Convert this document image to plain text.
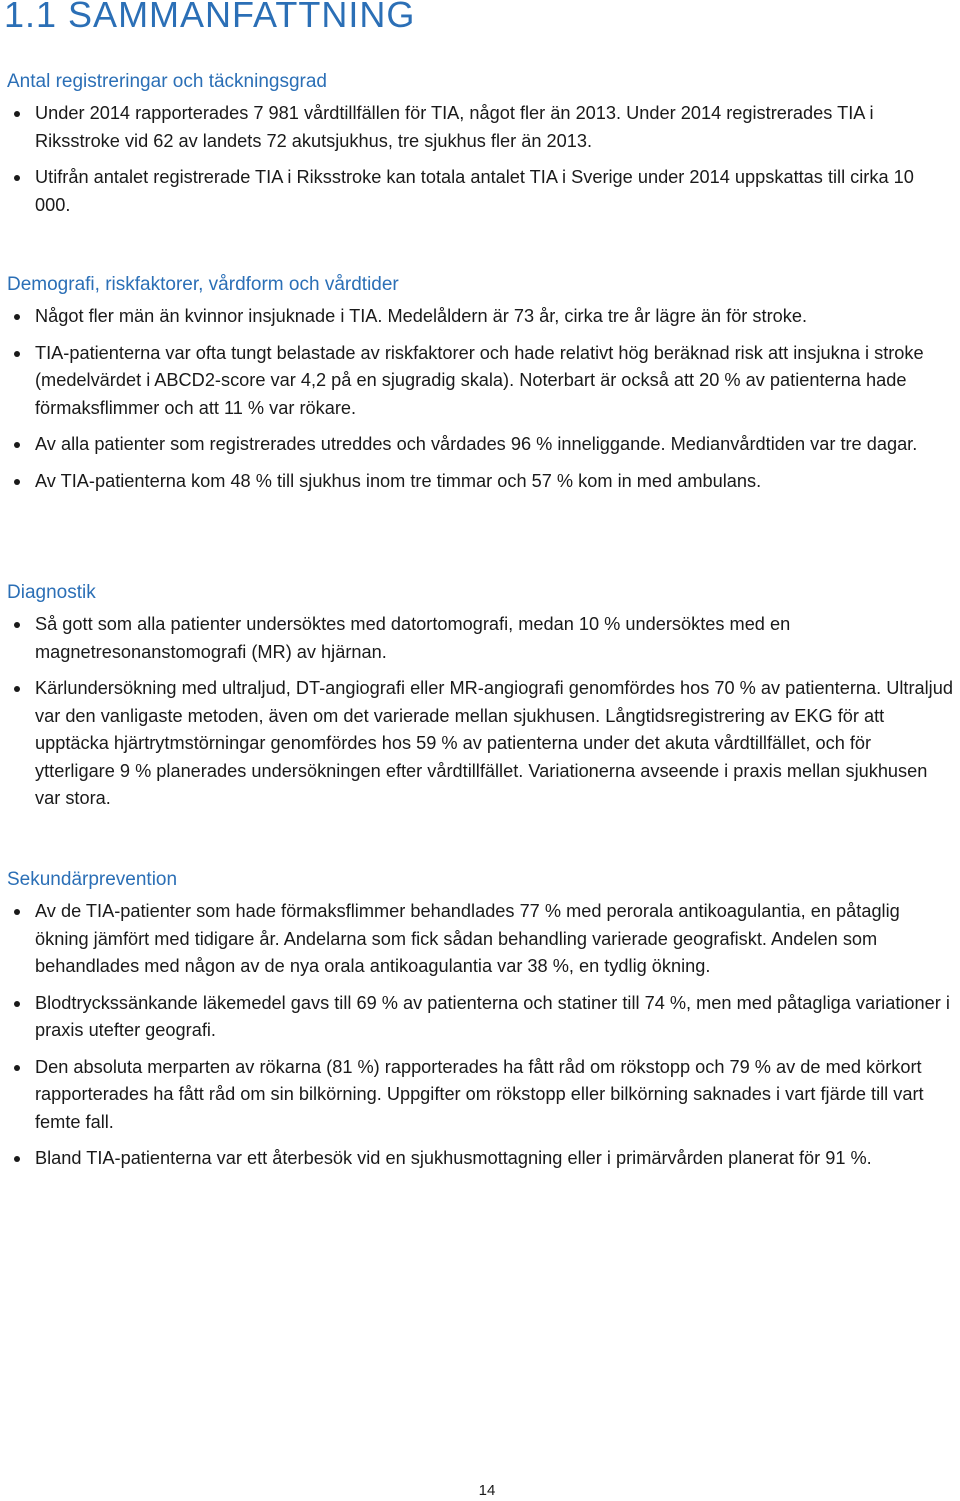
1.1 SAMMANFATTNING
Antal registreringar och täckningsgrad
Under 2014 rapporterades 7 981 vårdtillfällen för TIA, något fler än 2013. Under 2014 registrerades TIA i Riksstroke vid 62 av landets 72 akutsjukhus, tre sjukhus fler än 2013.
Utifrån antalet registrerade TIA i Riksstroke kan totala antalet TIA i Sverige under 2014 uppskattas till cirka 10 000.
Demografi, riskfaktorer, vårdform och vårdtider
Något fler män än kvinnor insjuknade i TIA. Medelåldern är 73 år, cirka tre år lägre än för stroke.
TIA-patienterna var ofta tungt belastade av riskfaktorer och hade relativt hög beräknad risk att insjukna i stroke (medelvärdet i ABCD2-score var 4,2 på en sjugradig skala). Noterbart är också att 20 % av patienterna hade förmaksflimmer och att 11 % var rökare.
Av alla patienter som registrerades utreddes och vårdades 96 % inneliggande. Medianvårdtiden var tre dagar.
Av TIA-patienterna kom 48 % till sjukhus inom tre timmar och 57 % kom in med ambulans.
Diagnostik
Så gott som alla patienter undersöktes med datortomografi, medan 10 % undersöktes med en magnetresonanstomografi (MR) av hjärnan.
Kärlundersökning med ultraljud, DT-angiografi eller MR-angiografi genomfördes hos 70 % av patienterna. Ultraljud var den vanligaste metoden, även om det varierade mellan sjukhusen. Långtidsregistrering av EKG för att upptäcka hjärtrytmstörningar genomfördes hos 59 % av patienterna under det akuta vårdtillfället, och för ytterligare 9 % planerades undersökningen efter vårdtillfället. Variationerna avseende i praxis mellan sjukhusen var stora.
Sekundärprevention
Av de TIA-patienter som hade förmaksflimmer behandlades 77 % med perorala antikoagulantia, en påtaglig ökning jämfört med tidigare år. Andelarna som fick sådan behandling varierade geografiskt. Andelen som behandlades med någon av de nya orala antikoagulantia var 38 %, en tydlig ökning.
Blodtryckssänkande läkemedel gavs till 69 % av patienterna och statiner till 74 %, men med påtagliga variationer i praxis utefter geografi.
Den absoluta merparten av rökarna (81 %) rapporterades ha fått råd om rökstopp och 79 % av de med körkort rapporterades ha fått råd om sin bilkörning. Uppgifter om rökstopp eller bilkörning saknades i vart fjärde till vart femte fall.
Bland TIA-patienterna var ett återbesök vid en sjukhusmottagning eller i primärvården planerat för 91 %.
14
